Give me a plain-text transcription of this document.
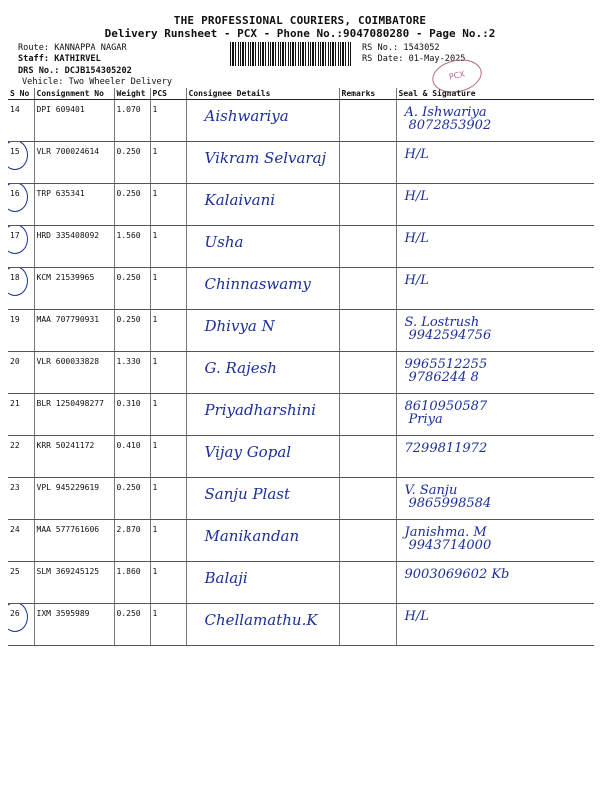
THE PROFESSIONAL COURIERS, COIMBATORE
Delivery Runsheet - PCX - Phone No.:9047080280 - Page No.:2
Route: KANNAPPA NAGAR
Staff: KATHIRVEL
DRS No.: DCJB154305202
Vehicle: Two Wheeler Delivery
RS No.: 1543052
RS Date: 01-May-2025
PCX
S No	Consignment No	Weight	PCS	Consignee Details	Remarks	Seal & Signature
14	DPI 609401	1.070	1	Aishwariya		A. Ishwariya
8072853902

15	VLR 700024614	0.250	1	Vikram Selvaraj		H/L

16	TRP 635341	0.250	1	Kalaivani		H/L

17	HRD 335408092	1.560	1	Usha		H/L

18	KCM 21539965	0.250	1	Chinnaswamy		H/L

19	MAA 707790931	0.250	1	Dhivya N		S. Lostrush
9942594756

20	VLR 600033828	1.330	1	G. Rajesh		9965512255
9786244 8

21	BLR 1250498277	0.310	1	Priyadharshini		8610950587
Priya

22	KRR 50241172	0.410	1	Vijay Gopal		7299811972

23	VPL 945229619	0.250	1	Sanju Plast		V. Sanju
9865998584

24	MAA 577761606	2.870	1	Manikandan		Janishma. M
9943714000

25	SLM 369245125	1.860	1	Balaji		9003069602 Kb

26	IXM 3595989	0.250	1	Chellamathu.K		H/L
